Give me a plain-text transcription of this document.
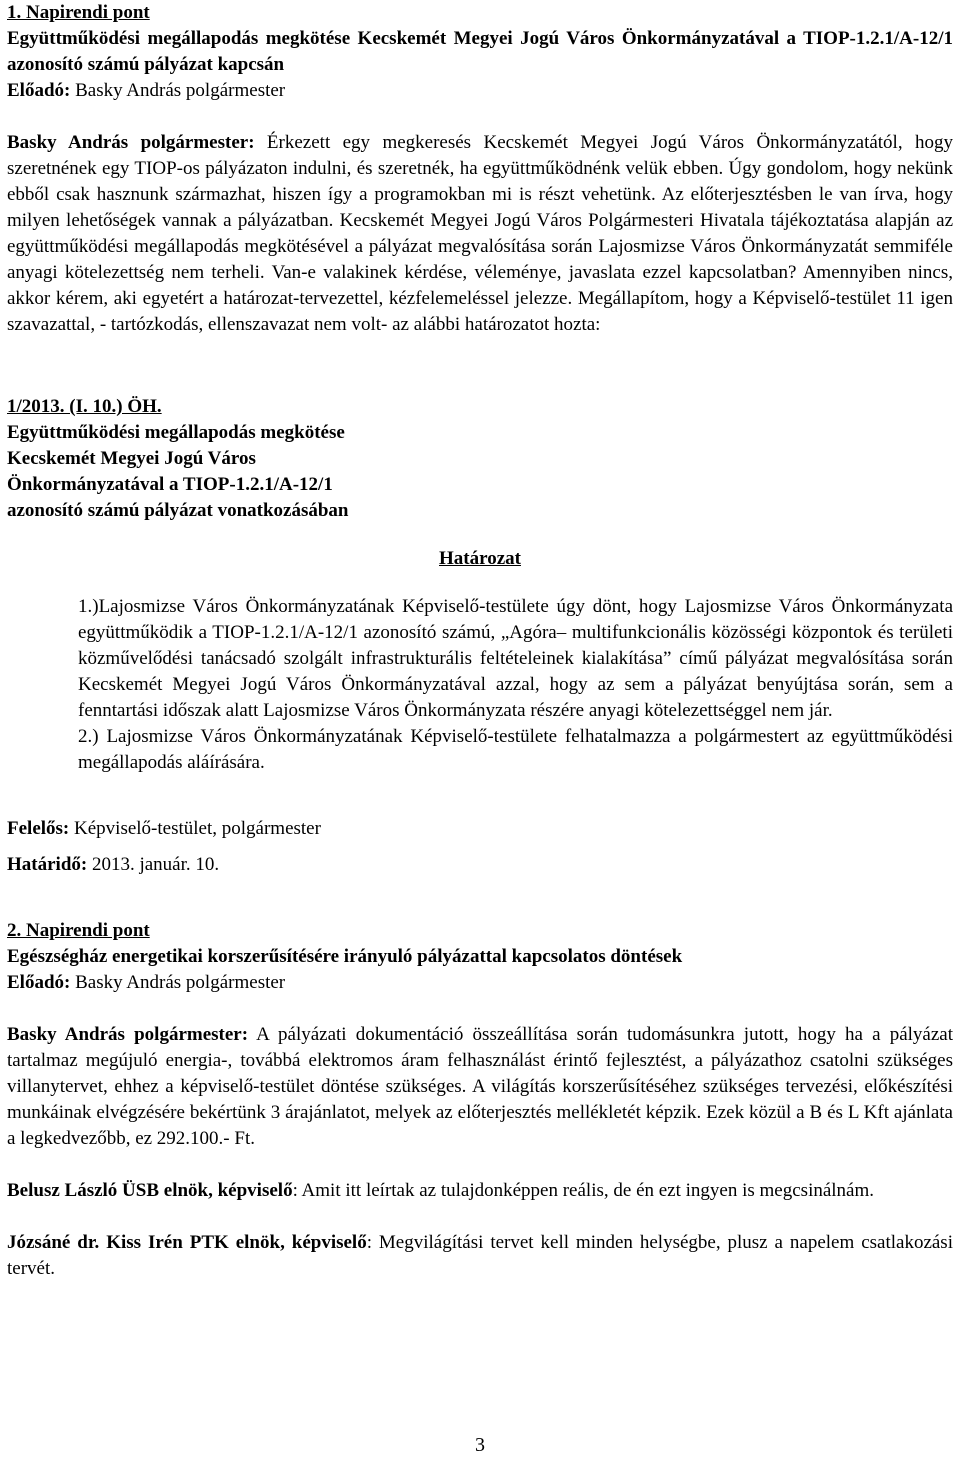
1. Napirendi pont

Együttműködési megállapodás megkötése Kecskemét Megyei Jogú Város Önkormányzatával a TIOP-1.2.1/A-12/1 azonosító számú pályázat kapcsán

Előadó: Basky András polgármester

Basky András polgármester: Érkezett egy megkeresés Kecskemét Megyei Jogú Város Önkormányzatától, hogy szeretnének egy TIOP-os pályázaton indulni, és szeretnék, ha együttműködnénk velük ebben. Úgy gondolom, hogy nekünk ebből csak hasznunk származhat, hiszen így a programokban mi is részt vehetünk. Az előterjesztésben le van írva, hogy milyen lehetőségek vannak a pályázatban. Kecskemét Megyei Jogú Város Polgármesteri Hivatala tájékoztatása alapján az együttműködési megállapodás megkötésével a pályázat megvalósítása során Lajosmizse Város Önkormányzatát semmiféle anyagi kötelezettség nem terheli. Van-e valakinek kérdése, véleménye, javaslata ezzel kapcsolatban? Amennyiben nincs, akkor kérem, aki egyetért a határozat-tervezettel, kézfelemeléssel jelezze. Megállapítom, hogy a Képviselő-testület 11 igen szavazattal, - tartózkodás, ellenszavazat nem volt- az alábbi határozatot hozta:

1/2013. (I. 10.) ÖH.

Együttműködési megállapodás megkötése

Kecskemét Megyei Jogú Város

Önkormányzatával a TIOP-1.2.1/A-12/1

azonosító számú pályázat vonatkozásában

Határozat

1.)Lajosmizse Város Önkormányzatának Képviselő-testülete úgy dönt, hogy Lajosmizse Város Önkormányzata együttműködik a TIOP-1.2.1/A-12/1 azonosító számú, „Agóra– multifunkcionális közösségi központok és területi közművelődési tanácsadó szolgált infrastrukturális feltételeinek kialakítása” című pályázat megvalósítása során Kecskemét Megyei Jogú Város Önkormányzatával azzal, hogy az sem a pályázat benyújtása során, sem a fenntartási időszak alatt Lajosmizse Város Önkormányzata részére anyagi kötelezettséggel nem jár.

2.) Lajosmizse Város Önkormányzatának Képviselő-testülete felhatalmazza a polgármestert az együttműködési megállapodás aláírására.

Felelős: Képviselő-testület, polgármester

Határidő: 2013. január. 10.

2. Napirendi pont

Egészségház energetikai korszerűsítésére irányuló pályázattal kapcsolatos döntések

Előadó: Basky András polgármester

Basky András polgármester: A pályázati dokumentáció összeállítása során tudomásunkra jutott, hogy ha a pályázat tartalmaz megújuló energia-, továbbá elektromos áram felhasználást érintő fejlesztést, a pályázathoz csatolni szükséges villanytervet, ehhez a képviselő-testület döntése szükséges. A világítás korszerűsítéséhez szükséges tervezési, előkészítési munkáinak elvégzésére bekértünk 3 árajánlatot, melyek az előterjesztés mellékletét képzik. Ezek közül a B és L Kft ajánlata a legkedvezőbb, ez 292.100.- Ft.

Belusz László ÜSB elnök, képviselő: Amit itt leírtak az tulajdonképpen reális, de én ezt ingyen is megcsinálnám.

Józsáné dr. Kiss Irén PTK elnök, képviselő: Megvilágítási tervet kell minden helységbe, plusz a napelem csatlakozási tervét.

3
